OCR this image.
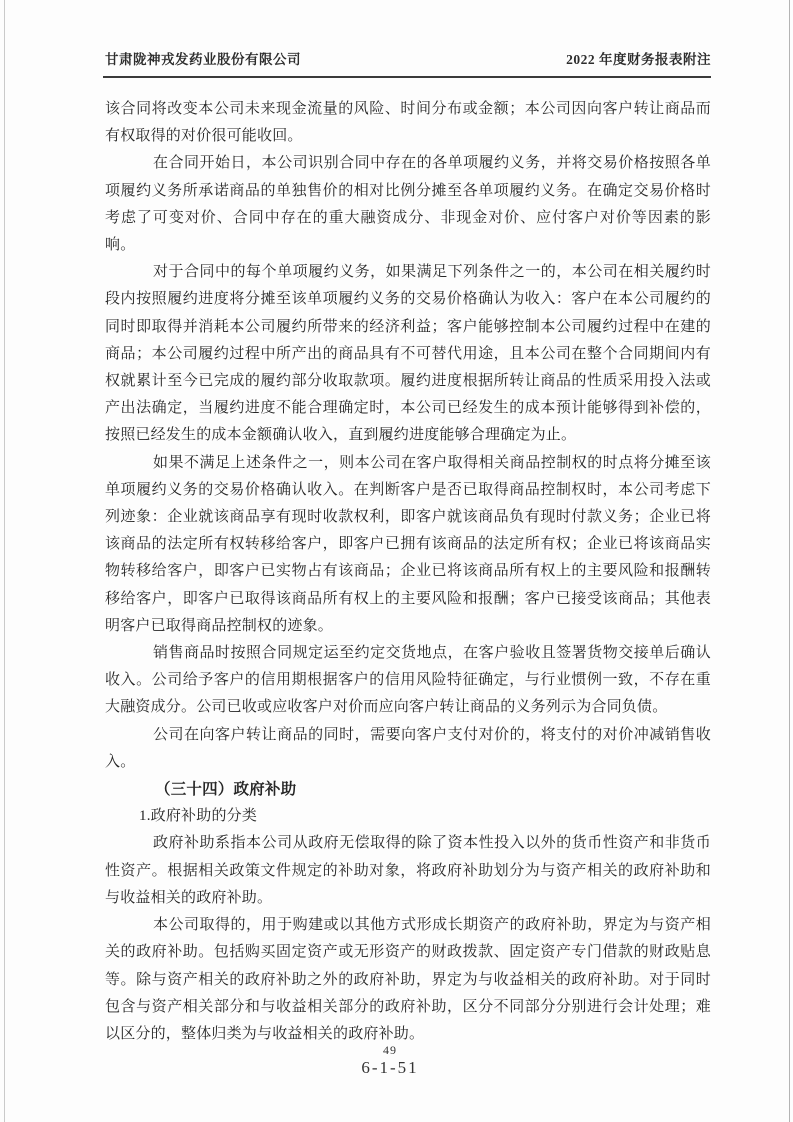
甘肃陇神戎发药业股份有限公司	2022 年度财务报表附注

该合同将改变本公司未来现金流量的风险、时间分布或金额；本公司因向客户转让商品而有权取得的对价很可能收回。

在合同开始日，本公司识别合同中存在的各单项履约义务，并将交易价格按照各单项履约义务所承诺商品的单独售价的相对比例分摊至各单项履约义务。在确定交易价格时考虑了可变对价、合同中存在的重大融资成分、非现金对价、应付客户对价等因素的影响。

对于合同中的每个单项履约义务，如果满足下列条件之一的，本公司在相关履约时段内按照履约进度将分摊至该单项履约义务的交易价格确认为收入：客户在本公司履约的同时即取得并消耗本公司履约所带来的经济利益；客户能够控制本公司履约过程中在建的商品；本公司履约过程中所产出的商品具有不可替代用途，且本公司在整个合同期间内有权就累计至今已完成的履约部分收取款项。履约进度根据所转让商品的性质采用投入法或产出法确定，当履约进度不能合理确定时，本公司已经发生的成本预计能够得到补偿的，按照已经发生的成本金额确认收入，直到履约进度能够合理确定为止。

如果不满足上述条件之一，则本公司在客户取得相关商品控制权的时点将分摊至该单项履约义务的交易价格确认收入。在判断客户是否已取得商品控制权时，本公司考虑下列迹象：企业就该商品享有现时收款权利，即客户就该商品负有现时付款义务；企业已将该商品的法定所有权转移给客户，即客户已拥有该商品的法定所有权；企业已将该商品实物转移给客户，即客户已实物占有该商品；企业已将该商品所有权上的主要风险和报酬转移给客户，即客户已取得该商品所有权上的主要风险和报酬；客户已接受该商品；其他表明客户已取得商品控制权的迹象。

销售商品时按照合同规定运至约定交货地点，在客户验收且签署货物交接单后确认收入。公司给予客户的信用期根据客户的信用风险特征确定，与行业惯例一致，不存在重大融资成分。公司已收或应收客户对价而应向客户转让商品的义务列示为合同负债。

公司在向客户转让商品的同时，需要向客户支付对价的，将支付的对价冲减销售收入。

（三十四）政府补助

1.政府补助的分类

政府补助系指本公司从政府无偿取得的除了资本性投入以外的货币性资产和非货币性资产。根据相关政策文件规定的补助对象，将政府补助划分为与资产相关的政府补助和与收益相关的政府补助。

本公司取得的，用于购建或以其他方式形成长期资产的政府补助，界定为与资产相关的政府补助。包括购买固定资产或无形资产的财政拨款、固定资产专门借款的财政贴息等。除与资产相关的政府补助之外的政府补助，界定为与收益相关的政府补助。对于同时包含与资产相关部分和与收益相关部分的政府补助，区分不同部分分别进行会计处理；难以区分的，整体归类为与收益相关的政府补助。

49
6-1-51
